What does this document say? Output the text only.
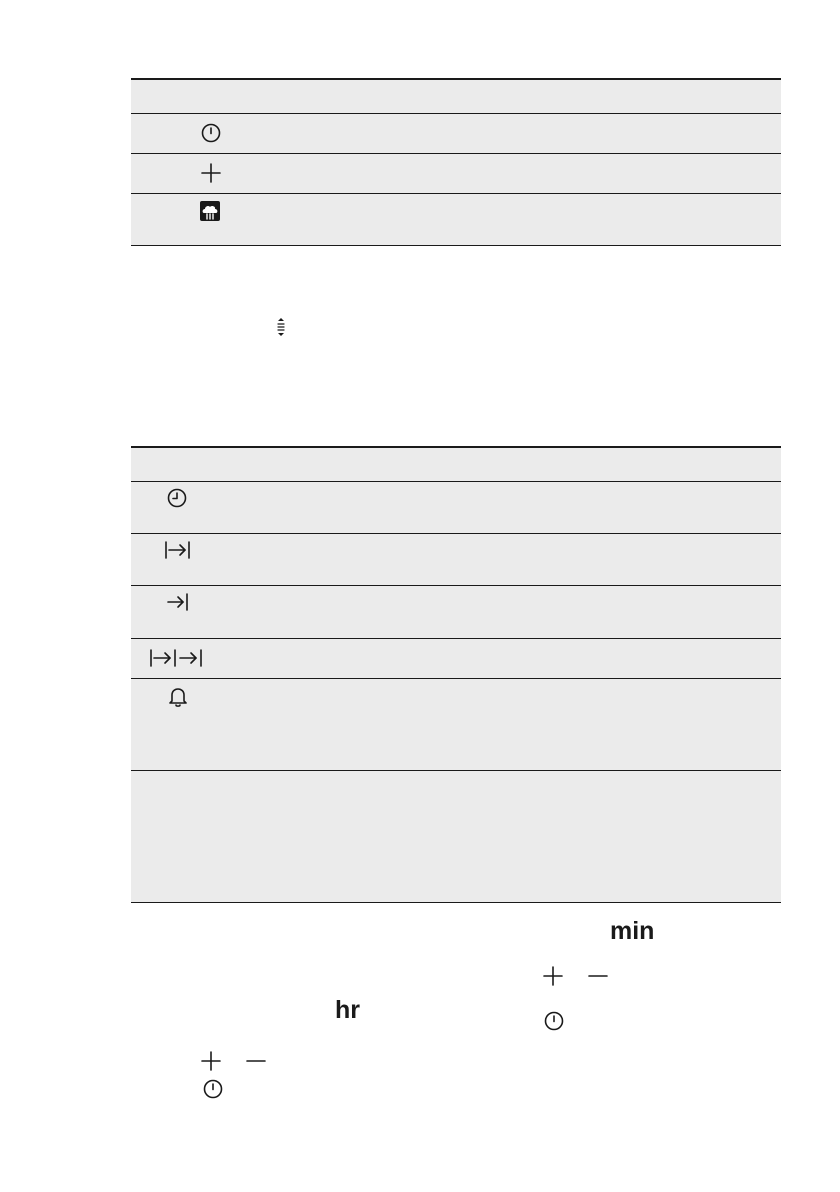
min
hr
